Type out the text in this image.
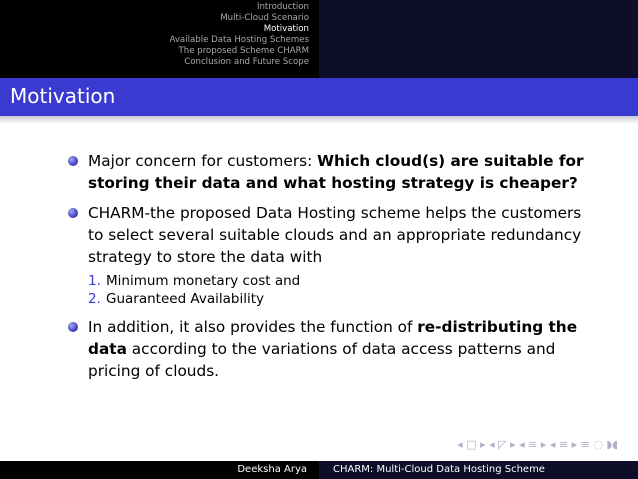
Introduction
Multi-Cloud Scenario
Motivation
Available Data Hosting Schemes
The proposed Scheme CHARM
Conclusion and Future Scope
Motivation
Major concern for customers: Which cloud(s) are suitable for storing their data and what hosting strategy is cheaper?
CHARM-the proposed Data Hosting scheme helps the customers to select several suitable clouds and an appropriate redundancy strategy to store the data with
1. Minimum monetary cost and
2. Guaranteed Availability
In addition, it also provides the function of re-distributing the data according to the variations of data access patterns and pricing of clouds.
◂ □ ▸ ◂ ◸ ▸ ◂ ≡ ▸ ◂ ≡ ▸ ≡ ◌ ◗◖
Deeksha Arya	CHARM: Multi-Cloud Data Hosting Scheme
